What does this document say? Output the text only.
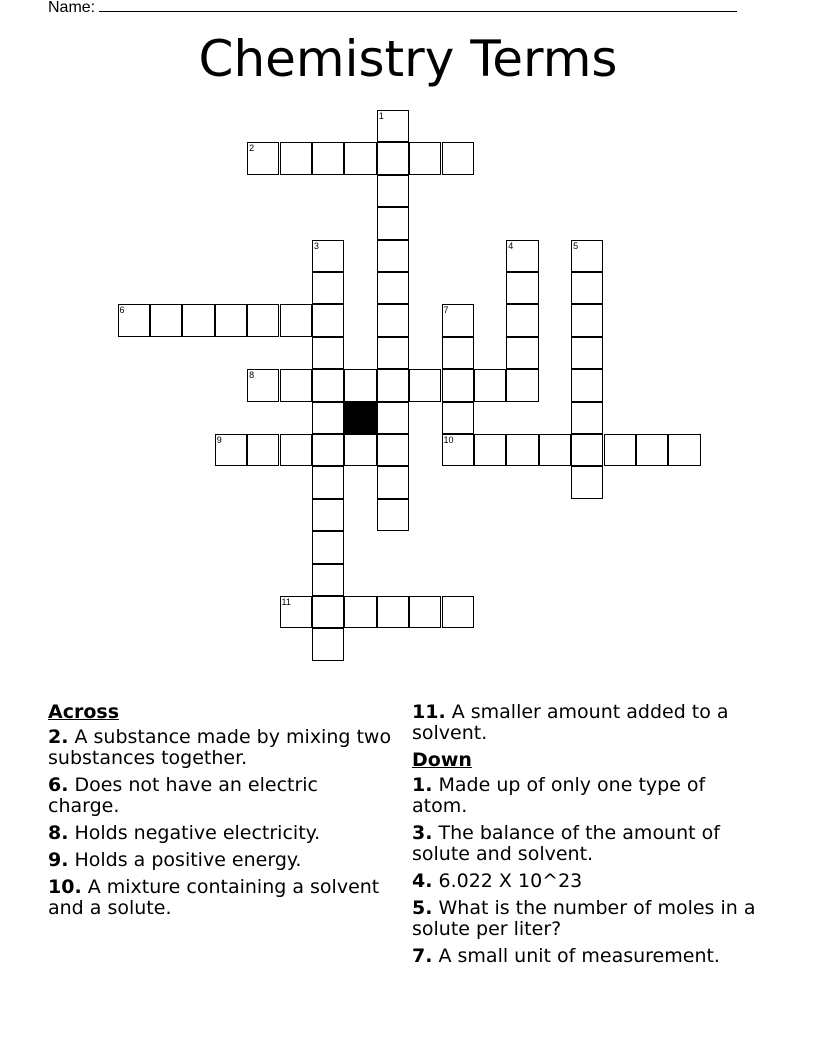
Name:
Chemistry Terms
1
2
3	4	5
6	7
8
9	10
11
Across
2. A substance made by mixing two substances together.
6. Does not have an electric charge.
8. Holds negative electricity.
9. Holds a positive energy.
10. A mixture containing a solvent and a solute.
11. A smaller amount added to a solvent.
Down
1. Made up of only one type of atom.
3. The balance of the amount of solute and solvent.
4. 6.022 X 10^23
5. What is the number of moles in a solute per liter?
7. A small unit of measurement.
